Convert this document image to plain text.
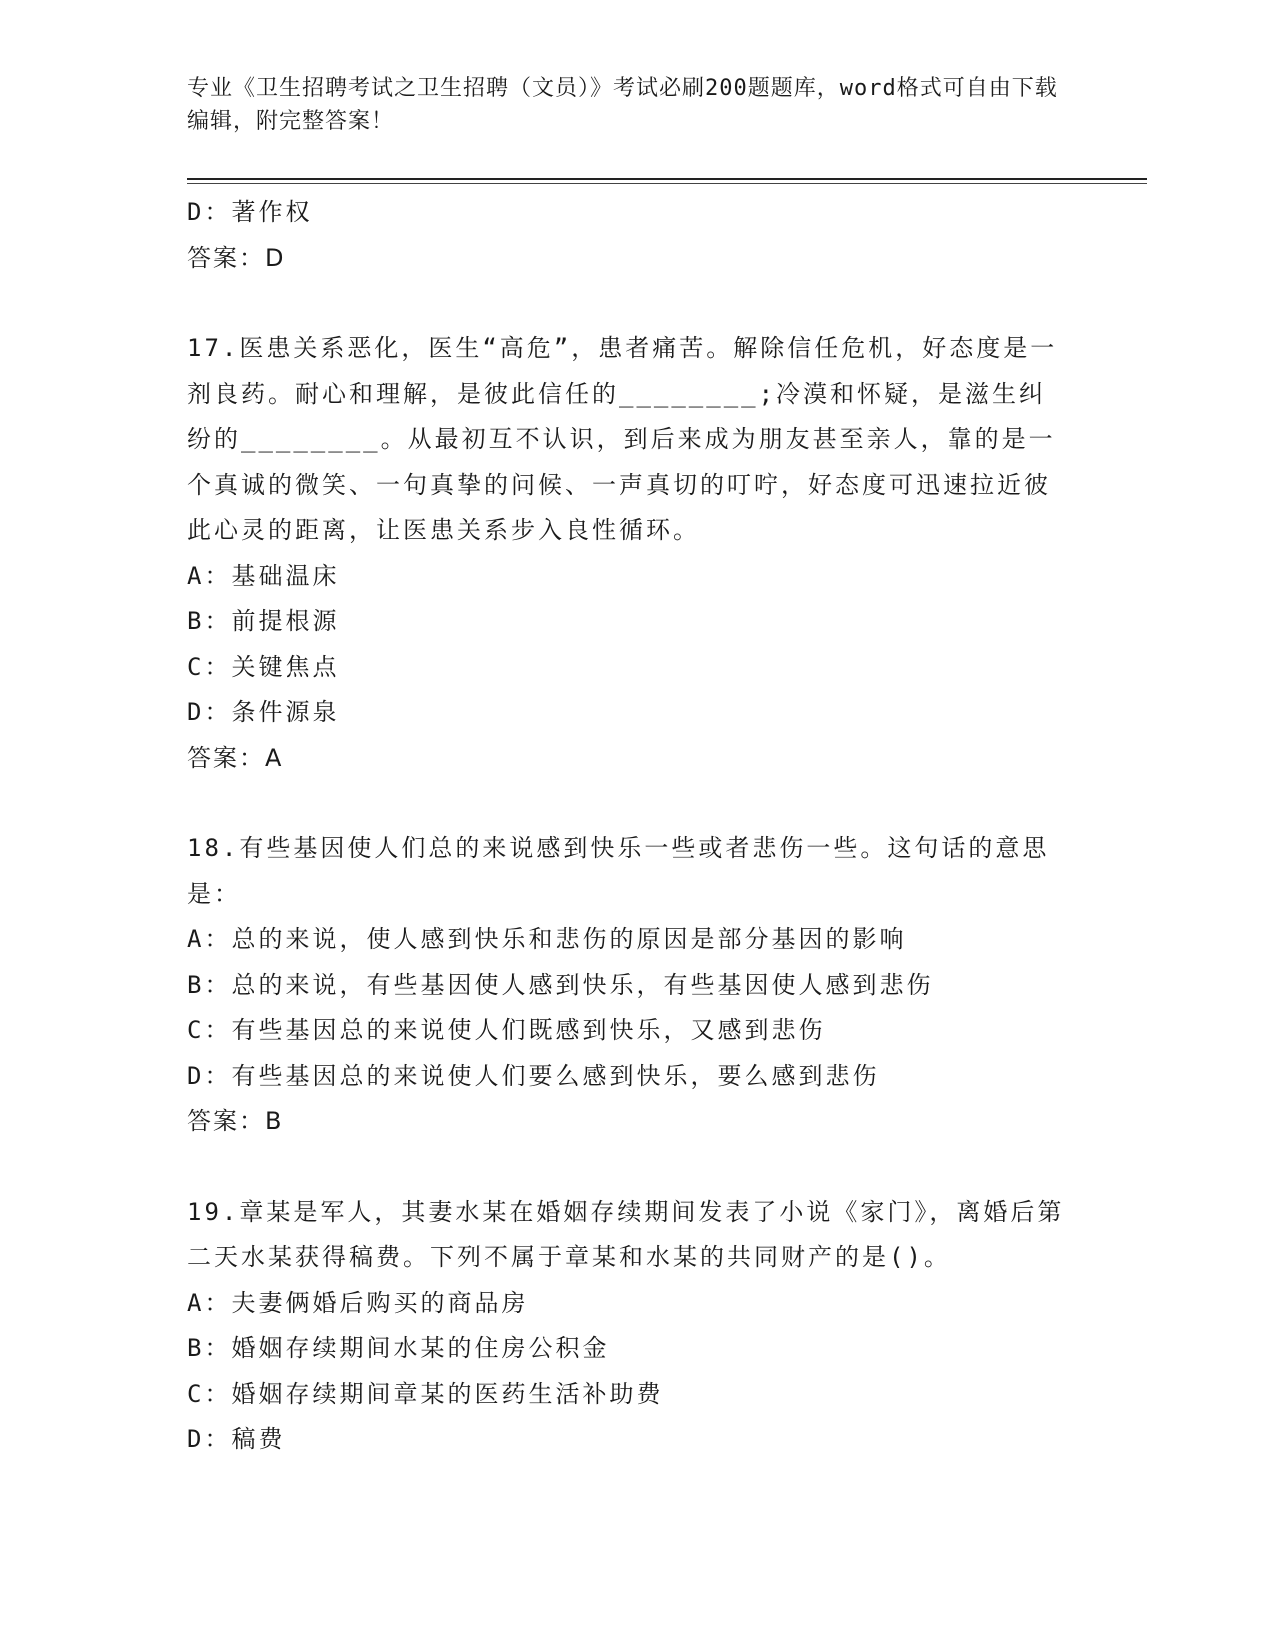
专业《卫生招聘考试之卫生招聘（文员）》考试必刷200题题库，word格式可自由下载编辑，附完整答案！
D：著作权
答案：D
17.医患关系恶化，医生“高危”，患者痛苦。解除信任危机，好态度是一剂良药。耐心和理解，是彼此信任的________;冷漠和怀疑，是滋生纠纷的________。从最初互不认识，到后来成为朋友甚至亲人，靠的是一个真诚的微笑、一句真挚的问候、一声真切的叮咛，好态度可迅速拉近彼此心灵的距离，让医患关系步入良性循环。
A：基础温床
B：前提根源
C：关键焦点
D：条件源泉
答案：A
18.有些基因使人们总的来说感到快乐一些或者悲伤一些。这句话的意思是：
A：总的来说，使人感到快乐和悲伤的原因是部分基因的影响
B：总的来说，有些基因使人感到快乐，有些基因使人感到悲伤
C：有些基因总的来说使人们既感到快乐，又感到悲伤
D：有些基因总的来说使人们要么感到快乐，要么感到悲伤
答案：B
19.章某是军人，其妻水某在婚姻存续期间发表了小说《家门》，离婚后第二天水某获得稿费。下列不属于章某和水某的共同财产的是()。
A：夫妻俩婚后购买的商品房
B：婚姻存续期间水某的住房公积金
C：婚姻存续期间章某的医药生活补助费
D：稿费
